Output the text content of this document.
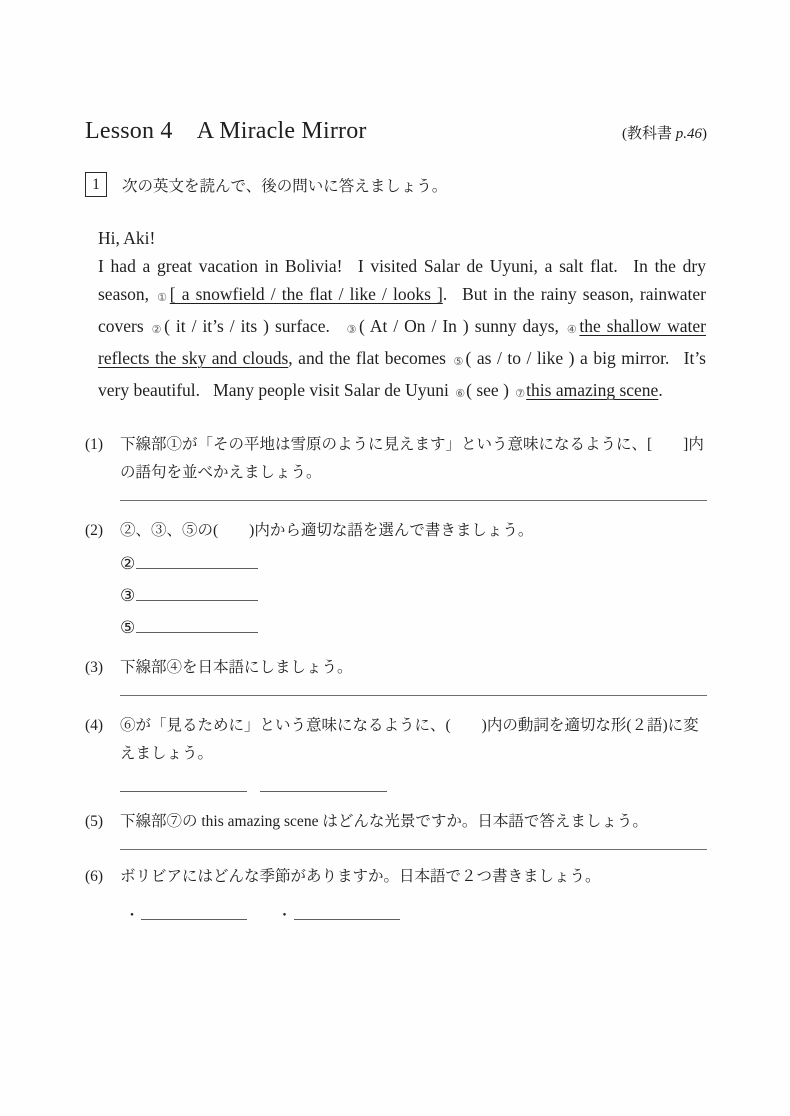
Lesson 4　A Miracle Mirror	(教科書 p.46)
1	次の英文を読んで、後の問いに答えましょう。
Hi, Aki!
I had a great vacation in Bolivia!  I visited Salar de Uyuni, a salt flat.  In the dry season, ①[ a snowfield / the flat / like / looks ].  But in the rainy season, rainwater covers ②( it / it’s / its ) surface.  ③( At / On / In ) sunny days, ④the shallow water reflects the sky and clouds, and the flat becomes ⑤( as / to / like ) a big mirror.  It’s very beautiful.  Many people visit Salar de Uyuni ⑥( see ) ⑦this amazing scene.
(1)	下線部①が「その平地は雪原のように見えます」という意味になるように、[　　]内の語句を並べかえましょう。
(2)	②、③、⑤の(　　)内から適切な語を選んで書きましょう。
②
③
⑤
(3)	下線部④を日本語にしましょう。
(4)	⑥が「見るために」という意味になるように、(　　)内の動詞を適切な形(２語)に変えましょう。

(5)	下線部⑦の this amazing scene はどんな光景ですか。日本語で答えましょう。
(6)	ボリビアにはどんな季節がありますか。日本語で２つ書きましょう。
・	・
